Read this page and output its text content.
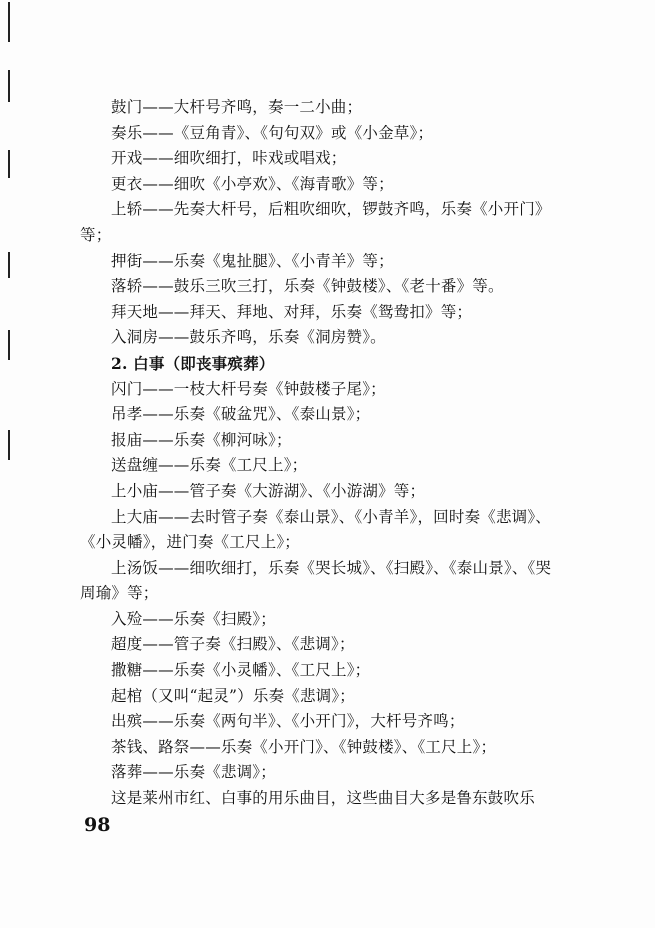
鼓门——大杆号齐鸣，奏一二小曲；
奏乐——《豆角青》、《句句双》或《小金草》；
开戏——细吹细打，咔戏或唱戏；
更衣——细吹《小亭欢》、《海青歌》等；
上轿——先奏大杆号，后粗吹细吹，锣鼓齐鸣，乐奏《小开门》
等；
押街——乐奏《鬼扯腿》、《小青羊》等；
落轿——鼓乐三吹三打，乐奏《钟鼓楼》、《老十番》等。
拜天地——拜天、拜地、对拜，乐奏《鸳鸯扣》等；
入洞房——鼓乐齐鸣，乐奏《洞房赞》。
2. 白事（即丧事殡葬）
闪门——一枝大杆号奏《钟鼓楼子尾》；
吊孝——乐奏《破盆咒》、《泰山景》；
报庙——乐奏《柳河咏》；
送盘缠——乐奏《工尺上》；
上小庙——管子奏《大游湖》、《小游湖》等；
上大庙——去时管子奏《泰山景》、《小青羊》，回时奏《悲调》、
《小灵幡》，进门奏《工尺上》；
上汤饭——细吹细打，乐奏《哭长城》、《扫殿》、《泰山景》、《哭
周瑜》等；
入殓——乐奏《扫殿》；
超度——管子奏《扫殿》、《悲调》；
撒糖——乐奏《小灵幡》、《工尺上》；
起棺（又叫“起灵”）乐奏《悲调》；
出殡——乐奏《两句半》、《小开门》，大杆号齐鸣；
茶钱、路祭——乐奏《小开门》、《钟鼓楼》、《工尺上》；
落葬——乐奏《悲调》；
这是莱州市红、白事的用乐曲目，这些曲目大多是鲁东鼓吹乐
98
